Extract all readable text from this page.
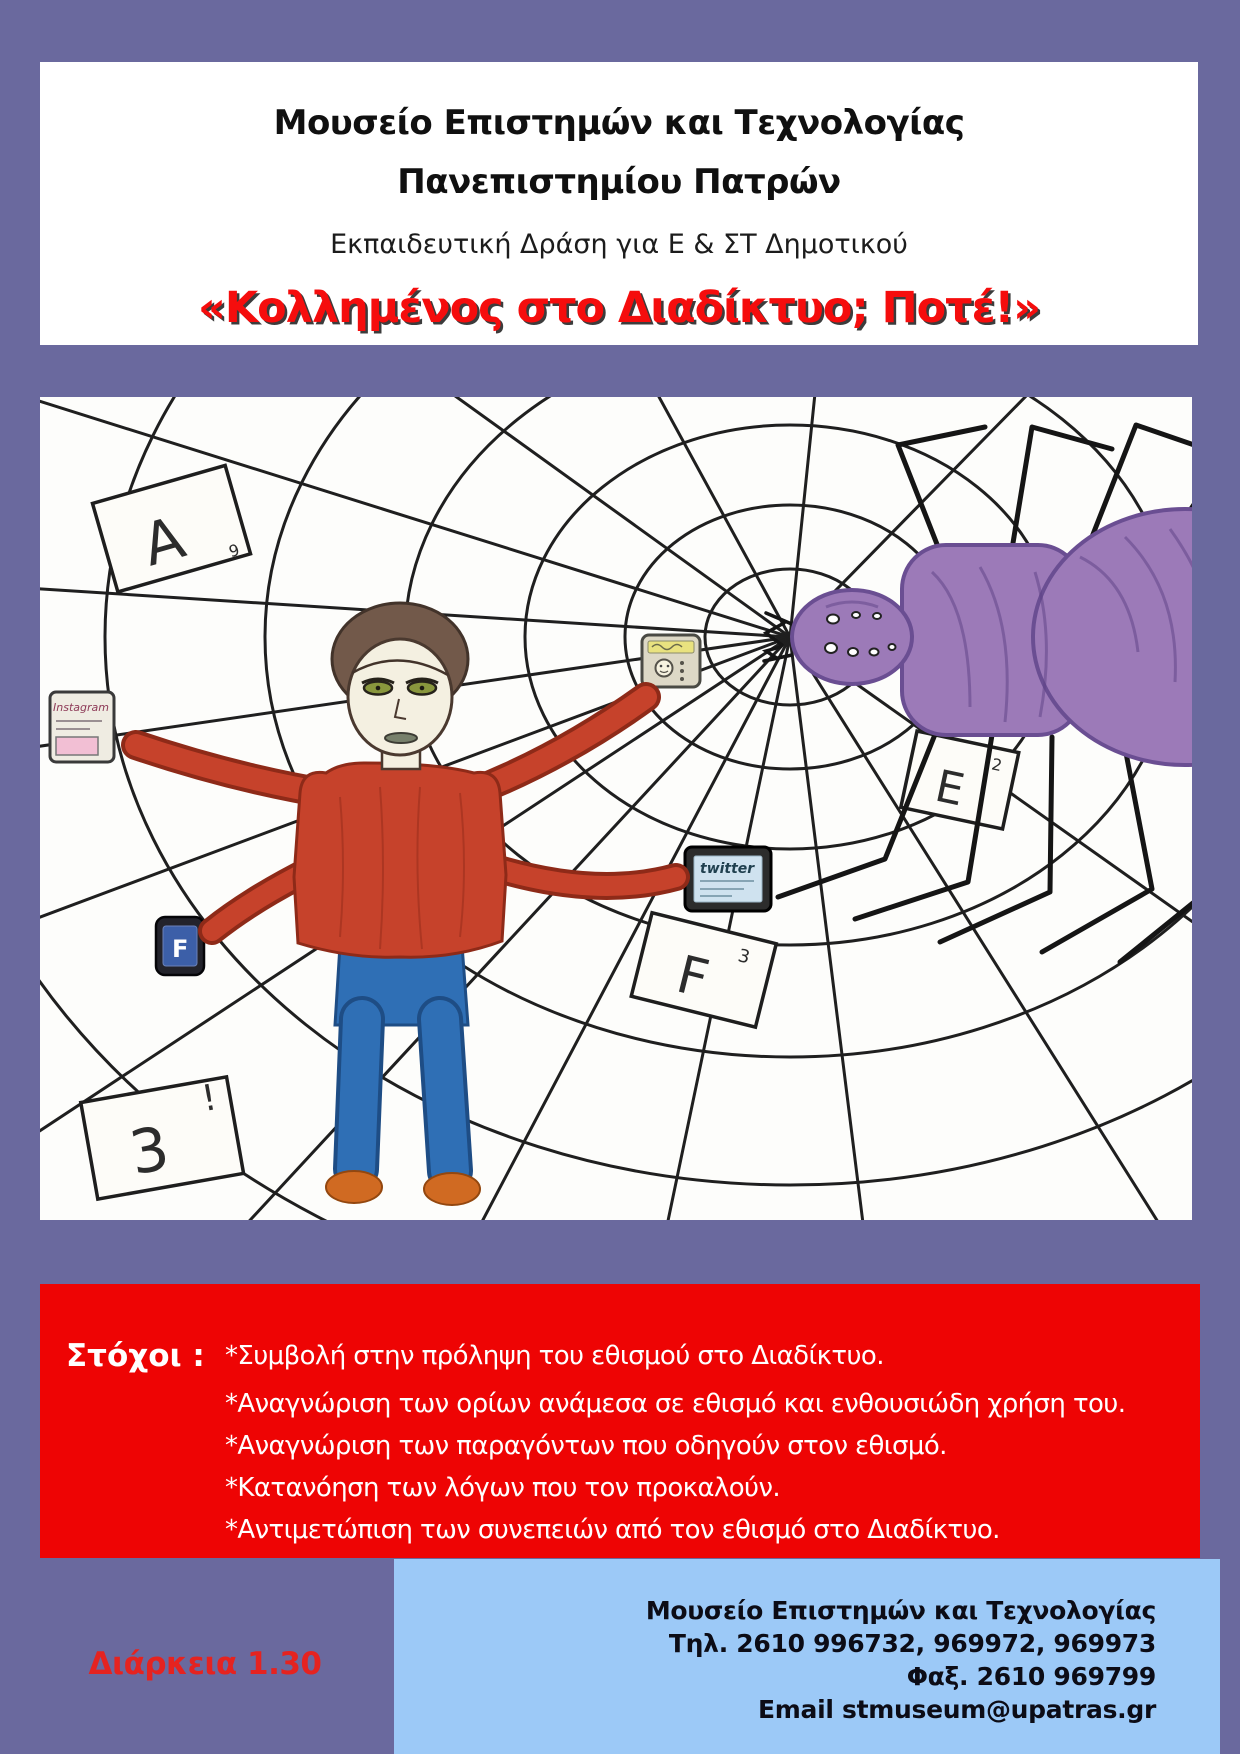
Μουσείο Επιστημών και Τεχνολογίας
Πανεπιστημίου Πατρών
Εκπαιδευτική Δράση για Ε & ΣΤ Δημοτικού
«Κολλημένος στο Διαδίκτυο; Ποτέ!»
A 9
3
!
F 3
E 2
Instagram
F
twitter
Στόχοι : *Συμβολή στην πρόληψη του εθισμού στο Διαδίκτυο.
*Αναγνώριση των ορίων ανάμεσα σε εθισμό και ενθουσιώδη χρήση του.
*Αναγνώριση των παραγόντων που οδηγούν στον εθισμό.
*Κατανόηση των λόγων που τον προκαλούν.
*Αντιμετώπιση των συνεπειών από τον εθισμό στο Διαδίκτυο.
Διάρκεια 1.30
Μουσείο Επιστημών και Τεχνολογίας
Τηλ. 2610 996732, 969972, 969973
Φαξ. 2610 969799
Email stmuseum@upatras.gr
